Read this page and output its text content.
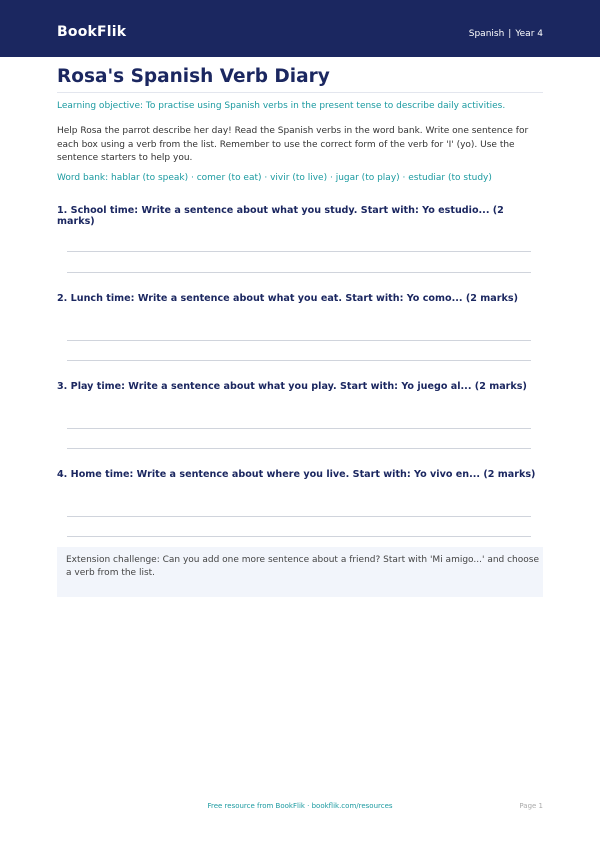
BookFlik	Spanish | Year 4
Rosa's Spanish Verb Diary
Learning objective: To practise using Spanish verbs in the present tense to describe daily activities.
Help Rosa the parrot describe her day! Read the Spanish verbs in the word bank. Write one sentence for each box using a verb from the list. Remember to use the correct form of the verb for 'I' (yo). Use the sentence starters to help you.
Word bank: hablar (to speak) · comer (to eat) · vivir (to live) · jugar (to play) · estudiar (to study)
1. School time: Write a sentence about what you study. Start with: Yo estudio... (2 marks)
2. Lunch time: Write a sentence about what you eat. Start with: Yo como... (2 marks)
3. Play time: Write a sentence about what you play. Start with: Yo juego al... (2 marks)
4. Home time: Write a sentence about where you live. Start with: Yo vivo en... (2 marks)
Extension challenge: Can you add one more sentence about a friend? Start with 'Mi amigo...' and choose a verb from the list.
Free resource from BookFlik · bookflik.com/resources	Page 1
